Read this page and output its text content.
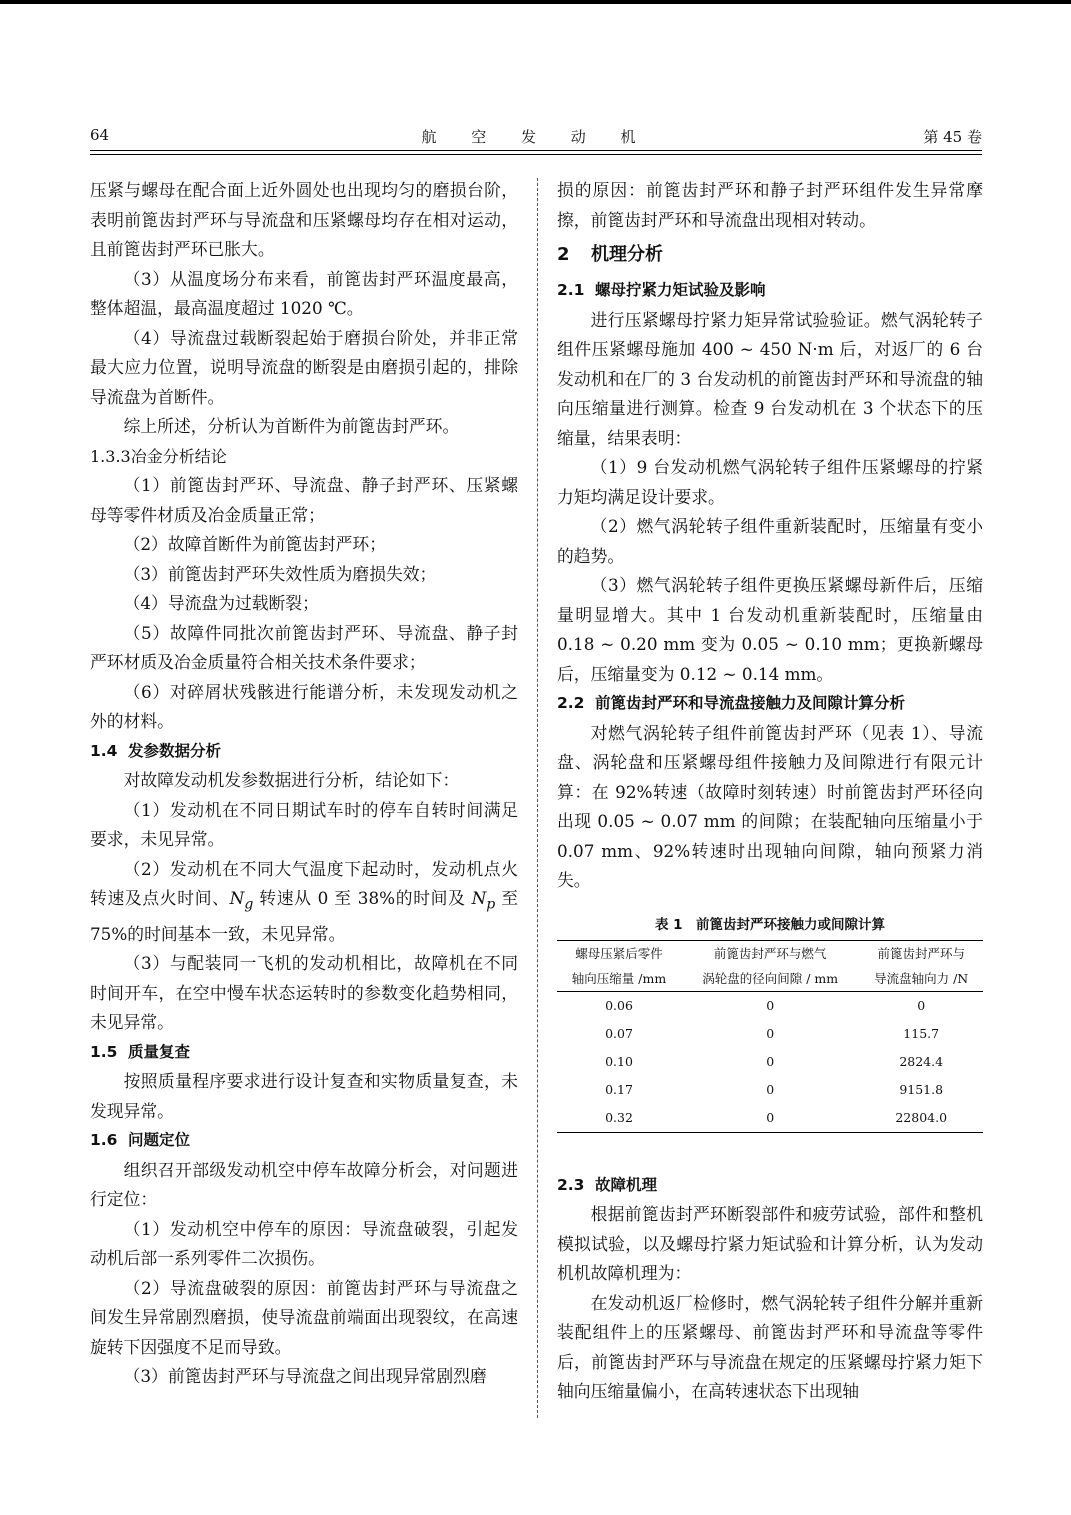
64	航 空 发 动 机	第 45 卷

压紧与螺母在配合面上近外圆处也出现均匀的磨损台阶，表明前篦齿封严环与导流盘和压紧螺母均存在相对运动，且前篦齿封严环已胀大。

（3）从温度场分布来看，前篦齿封严环温度最高，整体超温，最高温度超过 1020 ℃。

（4）导流盘过载断裂起始于磨损台阶处，并非正常最大应力位置，说明导流盘的断裂是由磨损引起的，排除导流盘为首断件。

综上所述，分析认为首断件为前篦齿封严环。

1.3.3冶金分析结论

（1）前篦齿封严环、导流盘、静子封严环、压紧螺母等零件材质及冶金质量正常；

（2）故障首断件为前篦齿封严环；

（3）前篦齿封严环失效性质为磨损失效；

（4）导流盘为过载断裂；

（5）故障件同批次前篦齿封严环、导流盘、静子封严环材质及冶金质量符合相关技术条件要求；

（6）对碎屑状残骸进行能谱分析，未发现发动机之外的材料。

1.4 发参数据分析

对故障发动机发参数据进行分析，结论如下：

（1）发动机在不同日期试车时的停车自转时间满足要求，未见异常。

（2）发动机在不同大气温度下起动时，发动机点火转速及点火时间、$N_g$ 转速从 0 至 38%的时间及 $N_p$ 至 75%的时间基本一致，未见异常。

（3）与配装同一飞机的发动机相比，故障机在不同时间开车，在空中慢车状态运转时的参数变化趋势相同，未见异常。

1.5 质量复查

按照质量程序要求进行设计复查和实物质量复查，未发现异常。

1.6 问题定位

组织召开部级发动机空中停车故障分析会，对问题进行定位：

（1）发动机空中停车的原因：导流盘破裂，引起发动机后部一系列零件二次损伤。

（2）导流盘破裂的原因：前篦齿封严环与导流盘之间发生异常剧烈磨损，使导流盘前端面出现裂纹，在高速旋转下因强度不足而导致。

（3）前篦齿封严环与导流盘之间出现异常剧烈磨

损的原因：前篦齿封严环和静子封严环组件发生异常摩擦，前篦齿封严环和导流盘出现相对转动。

2 机理分析
2.1 螺母拧紧力矩试验及影响

进行压紧螺母拧紧力矩异常试验验证。燃气涡轮转子组件压紧螺母施加 400 ~ 450 N·m 后，对返厂的 6 台发动机和在厂的 3 台发动机的前篦齿封严环和导流盘的轴向压缩量进行测算。检查 9 台发动机在 3 个状态下的压缩量，结果表明：

（1）9 台发动机燃气涡轮转子组件压紧螺母的拧紧力矩均满足设计要求。

（2）燃气涡轮转子组件重新装配时，压缩量有变小的趋势。

（3）燃气涡轮转子组件更换压紧螺母新件后，压缩量明显增大。其中 1 台发动机重新装配时，压缩量由 0.18 ~ 0.20 mm 变为 0.05 ~ 0.10 mm；更换新螺母后，压缩量变为 0.12 ~ 0.14 mm。

2.2 前篦齿封严环和导流盘接触力及间隙计算分析

对燃气涡轮转子组件前篦齿封严环（见表 1）、导流盘、涡轮盘和压紧螺母组件接触力及间隙进行有限元计算：在 92%转速（故障时刻转速）时前篦齿封严环径向出现 0.05 ~ 0.07 mm 的间隙；在装配轴向压缩量小于 0.07 mm、92%转速时出现轴向间隙，轴向预紧力消失。

表 1　前篦齿封严环接触力或间隙计算
螺母压紧后零件	前篦齿封严环与燃气	前篦齿封严环与
轴向压缩量 /mm	涡轮盘的径向间隙 / mm	导流盘轴向力 /N
0.06	0	0
0.07	0	115.7
0.10	0	2824.4
0.17	0	9151.8
0.32	0	22804.0
2.3 故障机理

根据前篦齿封严环断裂部件和疲劳试验，部件和整机模拟试验，以及螺母拧紧力矩试验和计算分析，认为发动机机故障机理为：

在发动机返厂检修时，燃气涡轮转子组件分解并重新装配组件上的压紧螺母、前篦齿封严环和导流盘等零件后，前篦齿封严环与导流盘在规定的压紧螺母拧紧力矩下轴向压缩量偏小，在高转速状态下出现轴
